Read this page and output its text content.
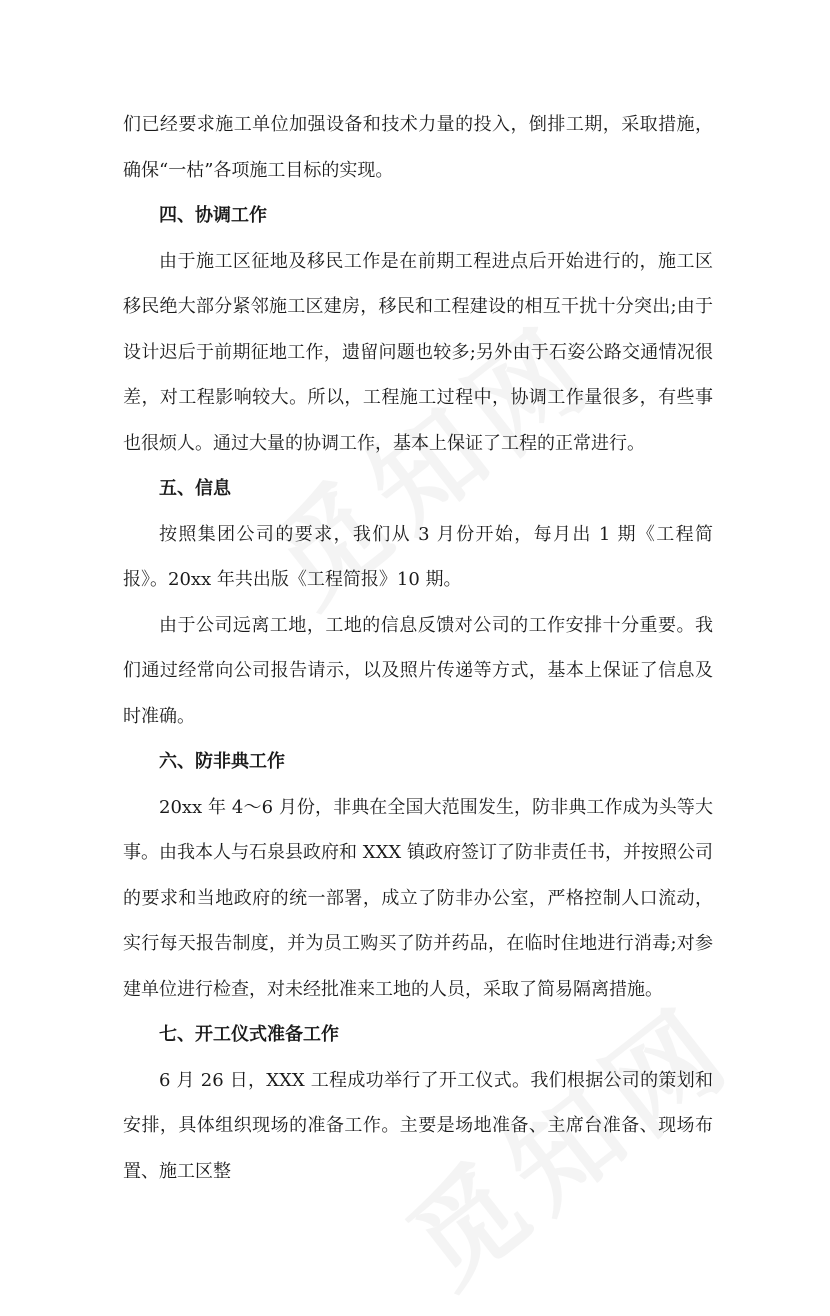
们已经要求施工单位加强设备和技术力量的投入，倒排工期，采取措施，确保“一枯”各项施工目标的实现。

四、协调工作

由于施工区征地及移民工作是在前期工程进点后开始进行的，施工区移民绝大部分紧邻施工区建房，移民和工程建设的相互干扰十分突出;由于设计迟后于前期征地工作，遗留问题也较多;另外由于石姿公路交通情况很差，对工程影响较大。所以，工程施工过程中，协调工作量很多，有些事也很烦人。通过大量的协调工作，基本上保证了工程的正常进行。

五、信息

按照集团公司的要求，我们从 3 月份开始，每月出 1 期《工程简报》。20xx 年共出版《工程简报》10 期。

由于公司远离工地，工地的信息反馈对公司的工作安排十分重要。我们通过经常向公司报告请示，以及照片传递等方式，基本上保证了信息及时准确。

六、防非典工作

20xx 年 4～6 月份，非典在全国大范围发生，防非典工作成为头等大事。由我本人与石泉县政府和 XXX 镇政府签订了防非责任书，并按照公司的要求和当地政府的统一部署，成立了防非办公室，严格控制人口流动，实行每天报告制度，并为员工购买了防并药品，在临时住地进行消毒;对参建单位进行检查，对未经批准来工地的人员，采取了简易隔离措施。

七、开工仪式准备工作

6 月 26 日，XXX 工程成功举行了开工仪式。我们根据公司的策划和安排，具体组织现场的准备工作。主要是场地准备、主席台准备、现场布置、施工区整
